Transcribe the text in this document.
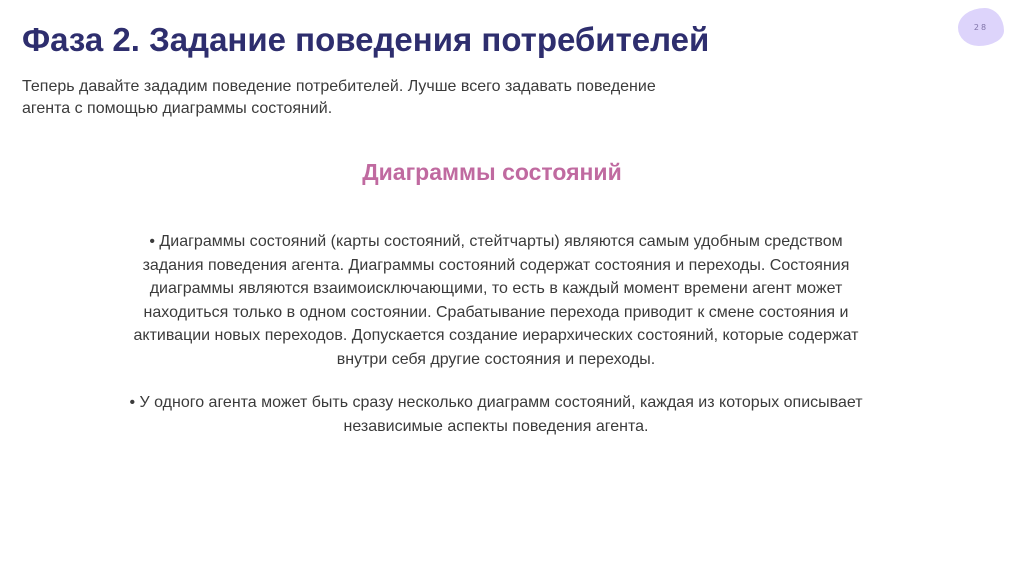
28
Фаза 2. Задание поведения потребителей

Теперь давайте зададим поведение потребителей. Лучше всего задавать поведение агента с помощью диаграммы состояний.

Диаграммы состояний

• Диаграммы состояний (карты состояний, стейтчарты) являются самым удобным средством задания поведения агента. Диаграммы состояний содержат состояния и переходы. Состояния диаграммы являются взаимоисключающими, то есть в каждый момент времени агент может находиться только в одном состоянии. Срабатывание перехода приводит к смене состояния и активации новых переходов. Допускается создание иерархических состояний, которые содержат внутри себя другие состояния и переходы.

• У одного агента может быть сразу несколько диаграмм состояний, каждая из которых описывает независимые аспекты поведения агента.
